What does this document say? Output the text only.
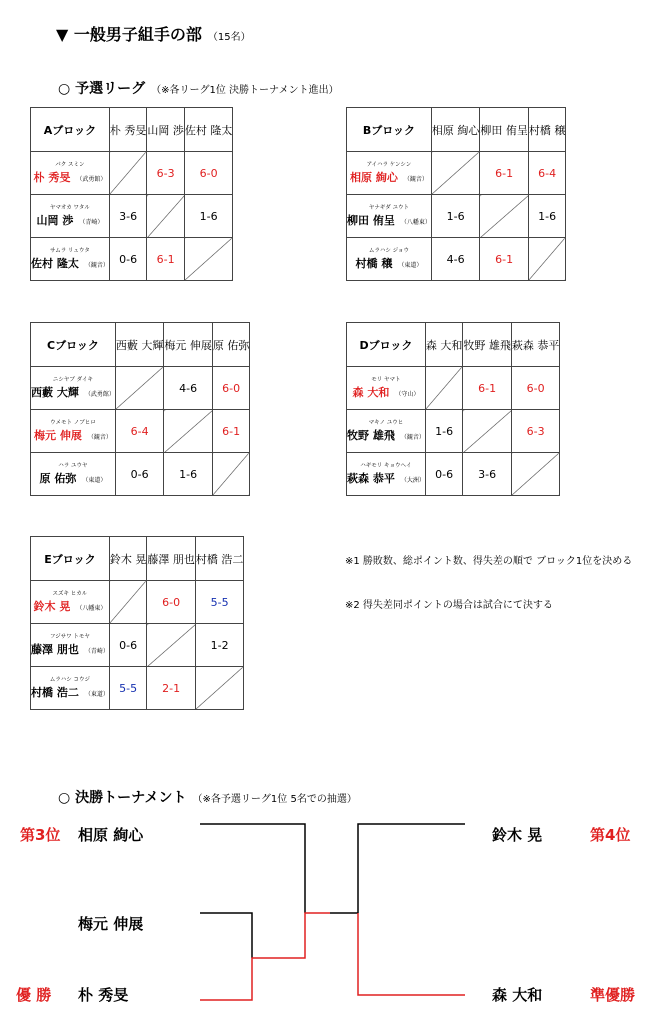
▼ 一般男子組手の部 （15名）
○ 予選リーグ （※各リーグ1位 決勝トーナメント進出）
Aブロック	朴 秀旻	山岡 渉	佐村 隆太

パク スミン
朴 秀旻 （武勇館）		6-3	6-0

ヤマオカ ワタル
山岡 渉 （青崎）	3-6		1-6

サムラ リュウタ
佐村 隆太 （観音）	0-6	6-1	
Bブロック	相原 絢心	柳田 侑呈	村橋 穣

アイハラ ケンシン
相原 絢心 （観音）		6-1	6-4

ヤナギダ ユウト
柳田 侑呈 （八幡東）	1-6		1-6

ムラハシ ジョウ
村橋 穣 （東道）	4-6	6-1	
Cブロック	西藪 大輝	梅元 伸展	原 佑弥

ニシヤブ ダイキ
西藪 大輝 （武勇館）		4-6	6-0

ウメモト ノブヒロ
梅元 伸展 （観音）	6-4		6-1

ハラ ユウヤ
原 佑弥 （東道）	0-6	1-6	
Dブロック	森 大和	牧野 雄飛	萩森 恭平

モリ ヤマト
森 大和 （守山）		6-1	6-0

マキノ ユウヒ
牧野 雄飛 （観音）	1-6		6-3

ハギモリ キョウヘイ
萩森 恭平 （大洲）	0-6	3-6	
Eブロック	鈴木 晃	藤澤 朋也	村橋 浩二

スズキ ヒカル
鈴木 晃 （八幡東）		6-0	5-5

フジサワ トモヤ
藤澤 朋也 （青崎）	0-6		1-2

ムラハシ コウジ
村橋 浩二 （東道）	5-5	2-1	
※1 勝敗数、総ポイント数、得失差の順で ブロック1位を決める
※2 得失差同ポイントの場合は試合にて決する
○ 決勝トーナメント （※各予選リーグ1位 5名での抽選）
第3位 相原 絢心
梅元 伸展
優 勝 朴 秀旻
鈴木 晃	第4位
森 大和	準優勝
